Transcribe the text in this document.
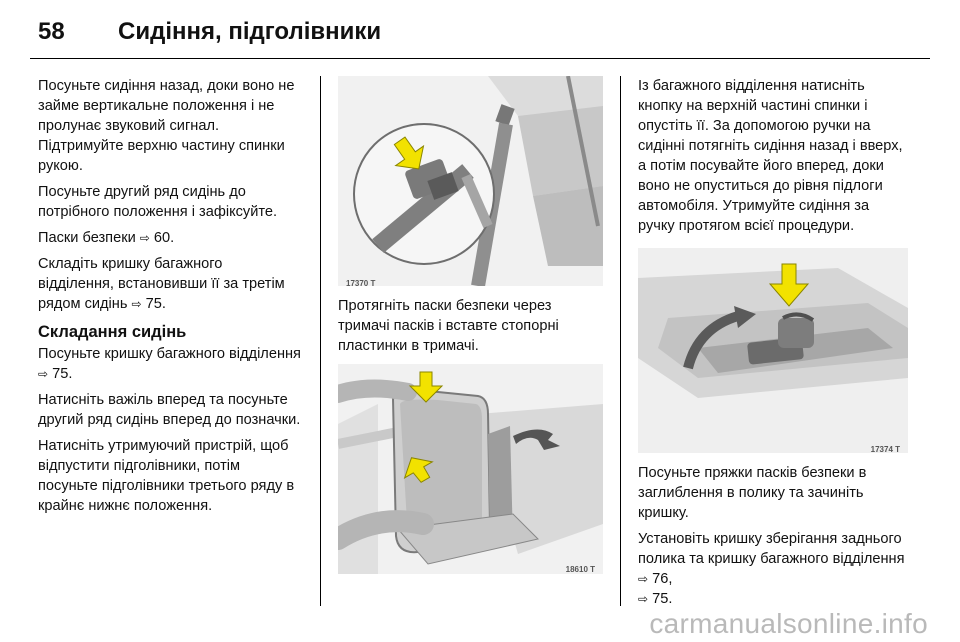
58	Сидіння, підголівники

Посуньте сидіння назад, доки воно не займе вертикальне положення і не пролунає звуковий сигнал. Підтримуйте верхню частину спинки рукою.

Посуньте другий ряд сидінь до потрібного положення і зафіксуйте.

Паски безпеки ⇨ 60.

Складіть кришку багажного відділення, встановивши її за третім рядом сидінь ⇨ 75.

Складання сидінь

Посуньте кришку багажного відділення ⇨ 75.

Натисніть важіль вперед та посуньте другий ряд сидінь вперед до позначки.

Натисніть утримуючий пристрій, щоб відпустити підголівники, потім посуньте підголівники третього ряду в крайнє нижнє положення.

17370 T

Протягніть паски безпеки через тримачі пасків і вставте стопорні пластинки в тримачі.

18610 T

Із багажного відділення натисніть кнопку на верхній частині спинки і опустіть її. За допомогою ручки на сидінні потягніть сидіння назад і вверх, а потім посувайте його вперед, доки воно не опуститься до рівня підлоги автомобіля. Утримуйте сидіння за ручку протягом всієї процедури.

17374 T

Посуньте пряжки пасків безпеки в заглиблення в полику та зачиніть кришку.

Установіть кришку зберігання заднього полика та кришку багажного відділення ⇨ 76,
⇨ 75.

carmanualsonline.info
